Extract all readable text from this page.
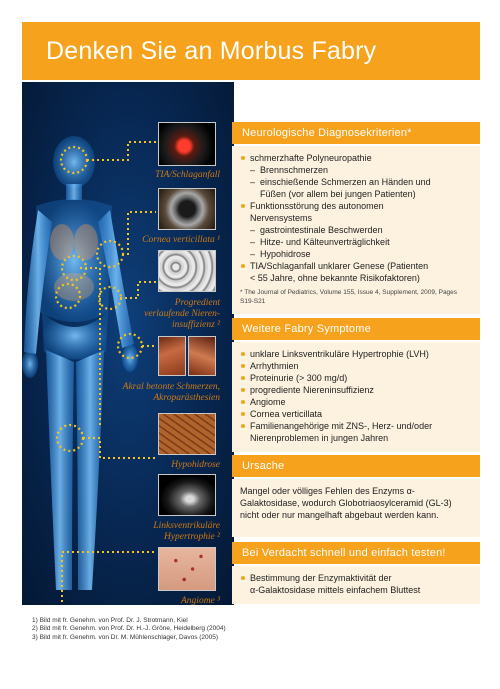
Denken Sie an Morbus Fabry
TIA/Schlaganfall
Cornea verticillata ¹
Progredient
verlaufende Nieren-
insuffizienz ²
Akral betonte Schmerzen,
Akroparästhesien
Hypohidrose
Linksventrikuläre
Hypertrophie ²
Angiome ³
Neurologische Diagnosekriterien*
schmerzhafte Polyneuropathie
– Brennschmerzen
– einschießende Schmerzen an Händen und
Füßen (vor allem bei jungen Patienten)
Funktionsstörung des autonomen
Nervensystems
– gastrointestinale Beschwerden
– Hitze- und Kälteunverträglichkeit
– Hypohidrose
TIA/Schlaganfall unklarer Genese (Patienten
< 55 Jahre, ohne bekannte Risikofaktoren)
* The Journal of Pediatrics, Volume 155, Issue 4, Supplement, 2009, Pages S19-S21
Weitere Fabry Symptome
unklare Linksventrikuläre Hypertrophie (LVH)
Arrhythmien
Proteinurie (> 300 mg/d)
progrediente Niereninsuffizienz
Angiome
Cornea verticillata
Familienangehörige mit ZNS-, Herz- und/oder
Nierenproblemen in jungen Jahren
Ursache
Mangel oder völliges Fehlen des Enzyms α-Galaktosidase, wodurch Globotriaosylceramid (GL-3) nicht oder nur mangelhaft abgebaut werden kann.
Bei Verdacht schnell und einfach testen!
Bestimmung der Enzymaktivität der
α-Galaktosidase mittels einfachem Bluttest
1) Bild mit fr. Genehm. von Prof. Dr. J. Strotmann, Kiel
2) Bild mit fr. Genehm. von Prof. Dr. H.-J. Gröne, Heidelberg (2004)
3) Bild mit fr. Genehm. von Dr. M. Mühlenschlager, Davos (2005)
